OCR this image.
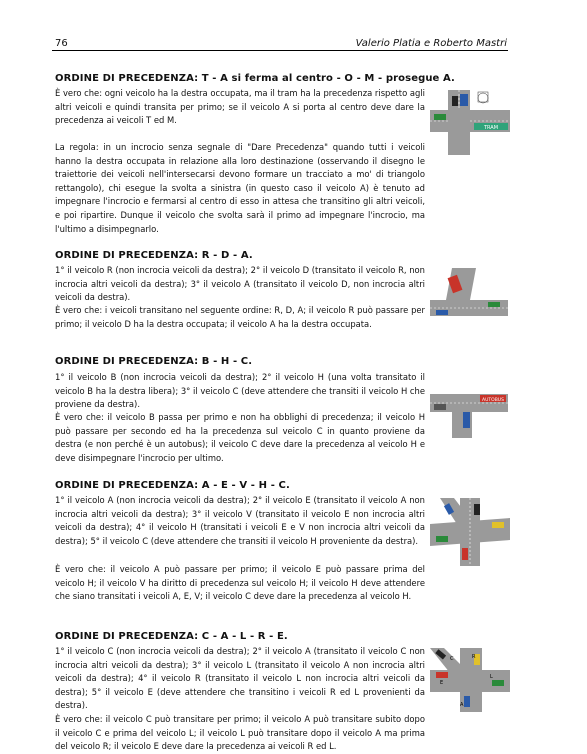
76	Valerio Platia e Roberto Mastri
ORDINE DI PRECEDENZA: T - A si ferma al centro - O - M - prosegue A.

È vero che: ogni veicolo ha la destra occupata, ma il tram ha la precedenza rispetto agli altri veicoli e quindi transita per primo; se il veicolo A si porta al centro deve dare la precedenza ai veicoli T ed M.

La regola: in un incrocio senza segnale di "Dare Precedenza" quando tutti i veicoli hanno la destra occupata in relazione alla loro destinazione (osservando il disegno le traiettorie dei veicoli nell'intersecarsi devono formare un tracciato a mo' di triangolo rettangolo), chi esegue la svolta a sinistra (in questo caso il veicolo A) è tenuto ad impegnare l'incrocio e fermarsi al centro di esso in attesa che transitino gli altri veicoli, e poi ripartire. Dunque il veicolo che svolta sarà il primo ad impegnare l'incrocio, ma l'ultimo a disimpegnarlo.

TRAM
ORDINE DI PRECEDENZA: R - D - A.

1° il veicolo R (non incrocia veicoli da destra); 2° il veicolo D (transitato il veicolo R, non incrocia altri veicoli da destra); 3° il veicolo A (transitato il veicolo D, non incrocia altri veicoli da destra).

È vero che: i veicoli transitano nel seguente ordine: R, D, A; il veicolo R può passare per primo; il veicolo D ha la destra occupata; il veicolo A ha la destra occupata.

ORDINE DI PRECEDENZA: B - H - C.

1° il veicolo B (non incrocia veicoli da destra); 2° il veicolo H (una volta transitato il veicolo B ha la destra libera); 3° il veicolo C (deve attendere che transiti il veicolo H che proviene da destra).

È vero che: il veicolo B passa per primo e non ha obblighi di precedenza; il veicolo H può passare per secondo ed ha la precedenza sul veicolo C in quanto proviene da destra (e non perché è un autobus); il veicolo C deve dare la precedenza al veicolo H e deve disimpegnare l'incrocio per ultimo.

AUTOBUS
ORDINE DI PRECEDENZA: A - E - V - H - C.

1° il veicolo A (non incrocia veicoli da destra); 2° il veicolo E (transitato il veicolo A non incrocia altri veicoli da destra); 3° il veicolo V (transitato il veicolo E non incrocia altri veicoli da destra); 4° il veicolo H (transitati i veicoli E e V non incrocia altri veicoli da destra); 5° il veicolo C (deve attendere che transiti il veicolo H proveniente da destra).

È vero che: il veicolo A può passare per primo; il veicolo E può passare prima del veicolo H; il veicolo V ha diritto di precedenza sul veicolo H; il veicolo H deve attendere che siano transitati i veicoli A, E, V; il veicolo C deve dare la precedenza al veicolo H.

ORDINE DI PRECEDENZA: C - A - L - R - E.

1° il veicolo C (non incrocia veicoli da destra); 2° il veicolo A (transitato il veicolo C non incrocia altri veicoli da destra); 3° il veicolo L (transitato il veicolo A non incrocia altri veicoli da destra); 4° il veicolo R (transitato il veicolo L non incrocia altri veicoli da destra); 5° il veicolo E (deve attendere che transitino i veicoli R ed L provenienti da destra).

È vero che: il veicolo C può transitare per primo; il veicolo A può transitare subito dopo il veicolo C e prima del veicolo L; il veicolo L può transitare dopo il veicolo A ma prima del veicolo R; il veicolo E deve dare la precedenza ai veicoli R ed L.

C
A
L
R
E
